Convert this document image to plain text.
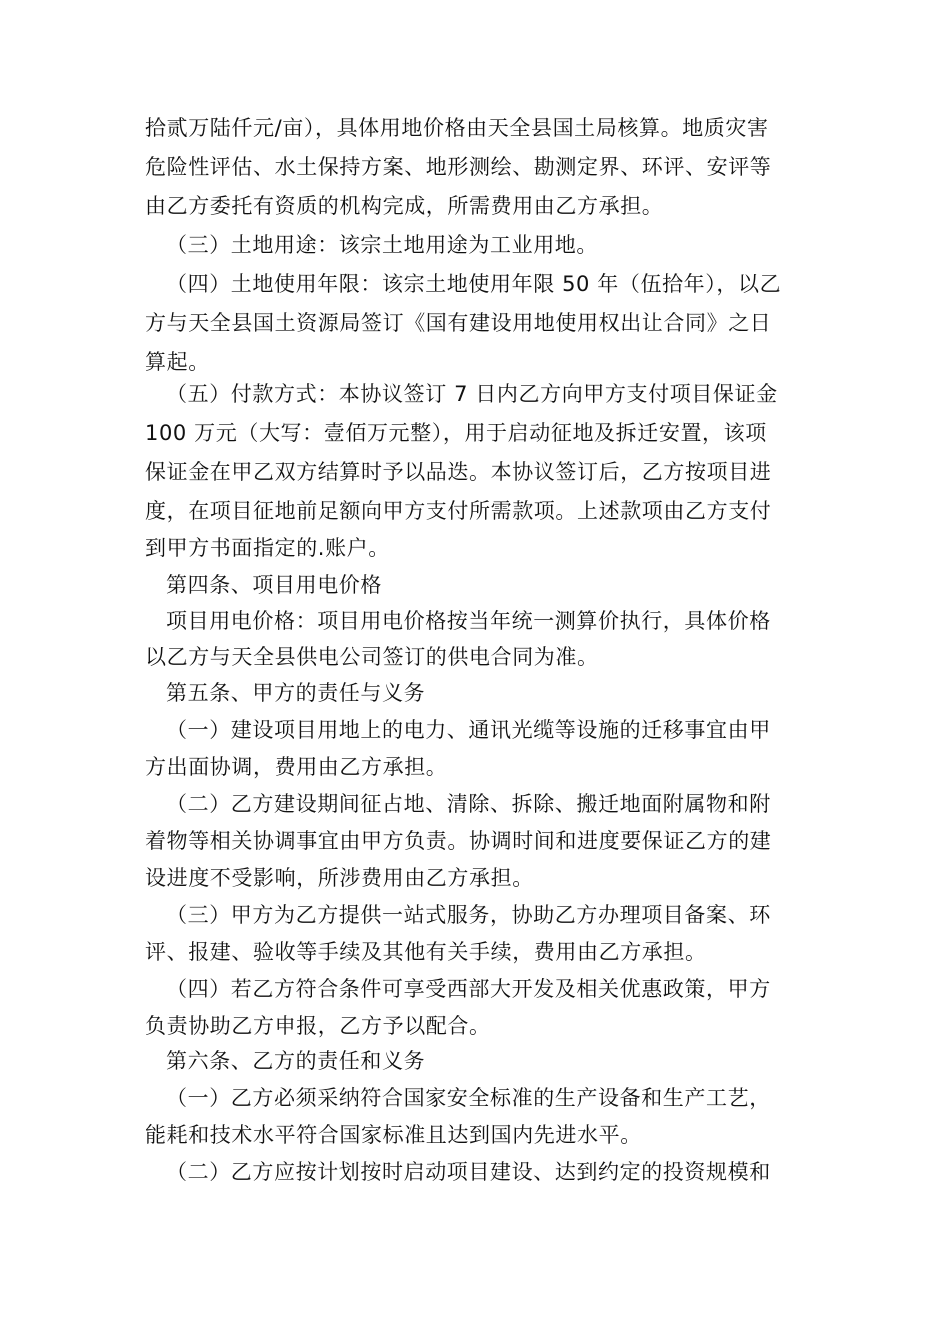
拾贰万陆仟元/亩），具体用地价格由天全县国土局核算。地质灾害
危险性评估、水土保持方案、地形测绘、勘测定界、环评、安评等
由乙方委托有资质的机构完成，所需费用由乙方承担。
（三）土地用途：该宗土地用途为工业用地。
（四）土地使用年限：该宗土地使用年限 50 年（伍拾年），以乙
方与天全县国土资源局签订《国有建设用地使用权出让合同》之日
算起。
（五）付款方式：本协议签订 7 日内乙方向甲方支付项目保证金
100 万元（大写：壹佰万元整），用于启动征地及拆迁安置，该项
保证金在甲乙双方结算时予以品迭。本协议签订后，乙方按项目进
度，在项目征地前足额向甲方支付所需款项。上述款项由乙方支付
到甲方书面指定的.账户。
第四条、项目用电价格
项目用电价格：项目用电价格按当年统一测算价执行，具体价格
以乙方与天全县供电公司签订的供电合同为准。
第五条、甲方的责任与义务
（一）建设项目用地上的电力、通讯光缆等设施的迁移事宜由甲
方出面协调，费用由乙方承担。
（二）乙方建设期间征占地、清除、拆除、搬迁地面附属物和附
着物等相关协调事宜由甲方负责。协调时间和进度要保证乙方的建
设进度不受影响，所涉费用由乙方承担。
（三）甲方为乙方提供一站式服务，协助乙方办理项目备案、环
评、报建、验收等手续及其他有关手续，费用由乙方承担。
（四）若乙方符合条件可享受西部大开发及相关优惠政策，甲方
负责协助乙方申报，乙方予以配合。
第六条、乙方的责任和义务
（一）乙方必须采纳符合国家安全标准的生产设备和生产工艺，
能耗和技术水平符合国家标准且达到国内先进水平。
（二）乙方应按计划按时启动项目建设、达到约定的投资规模和
